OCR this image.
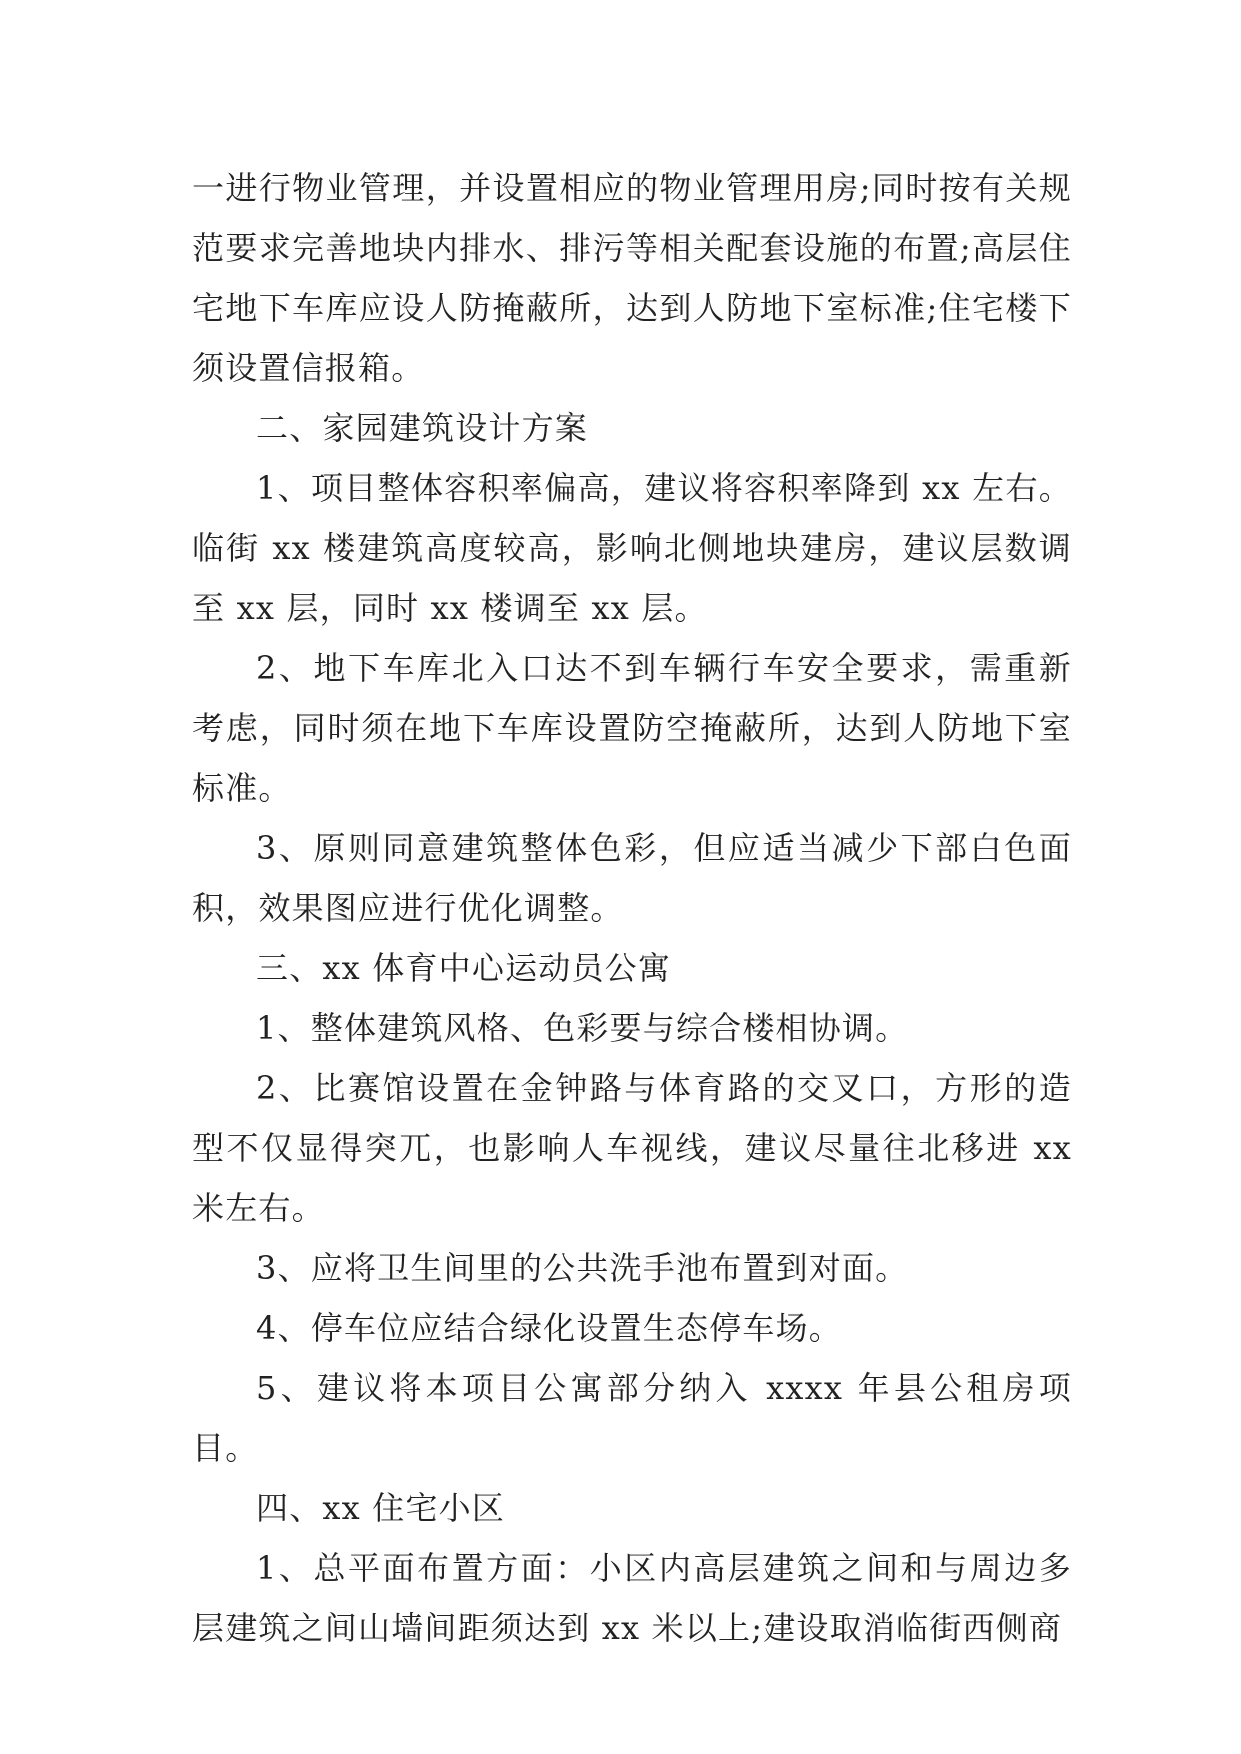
一进行物业管理，并设置相应的物业管理用房;同时按有关规范要求完善地块内排水、排污等相关配套设施的布置;高层住宅地下车库应设人防掩蔽所，达到人防地下室标准;住宅楼下须设置信报箱。

二、家园建筑设计方案

1、项目整体容积率偏高，建议将容积率降到 xx 左右。临街 xx 楼建筑高度较高，影响北侧地块建房，建议层数调至 xx 层，同时 xx 楼调至 xx 层。

2、地下车库北入口达不到车辆行车安全要求，需重新考虑，同时须在地下车库设置防空掩蔽所，达到人防地下室标准。

3、原则同意建筑整体色彩，但应适当减少下部白色面积，效果图应进行优化调整。

三、xx 体育中心运动员公寓

1、整体建筑风格、色彩要与综合楼相协调。

2、比赛馆设置在金钟路与体育路的交叉口，方形的造型不仅显得突兀，也影响人车视线，建议尽量往北移进 xx 米左右。

3、应将卫生间里的公共洗手池布置到对面。

4、停车位应结合绿化设置生态停车场。

5、建议将本项目公寓部分纳入 xxxx 年县公租房项目。

四、xx 住宅小区

1、总平面布置方面：小区内高层建筑之间和与周边多层建筑之间山墙间距须达到 xx 米以上;建设取消临街西侧商
